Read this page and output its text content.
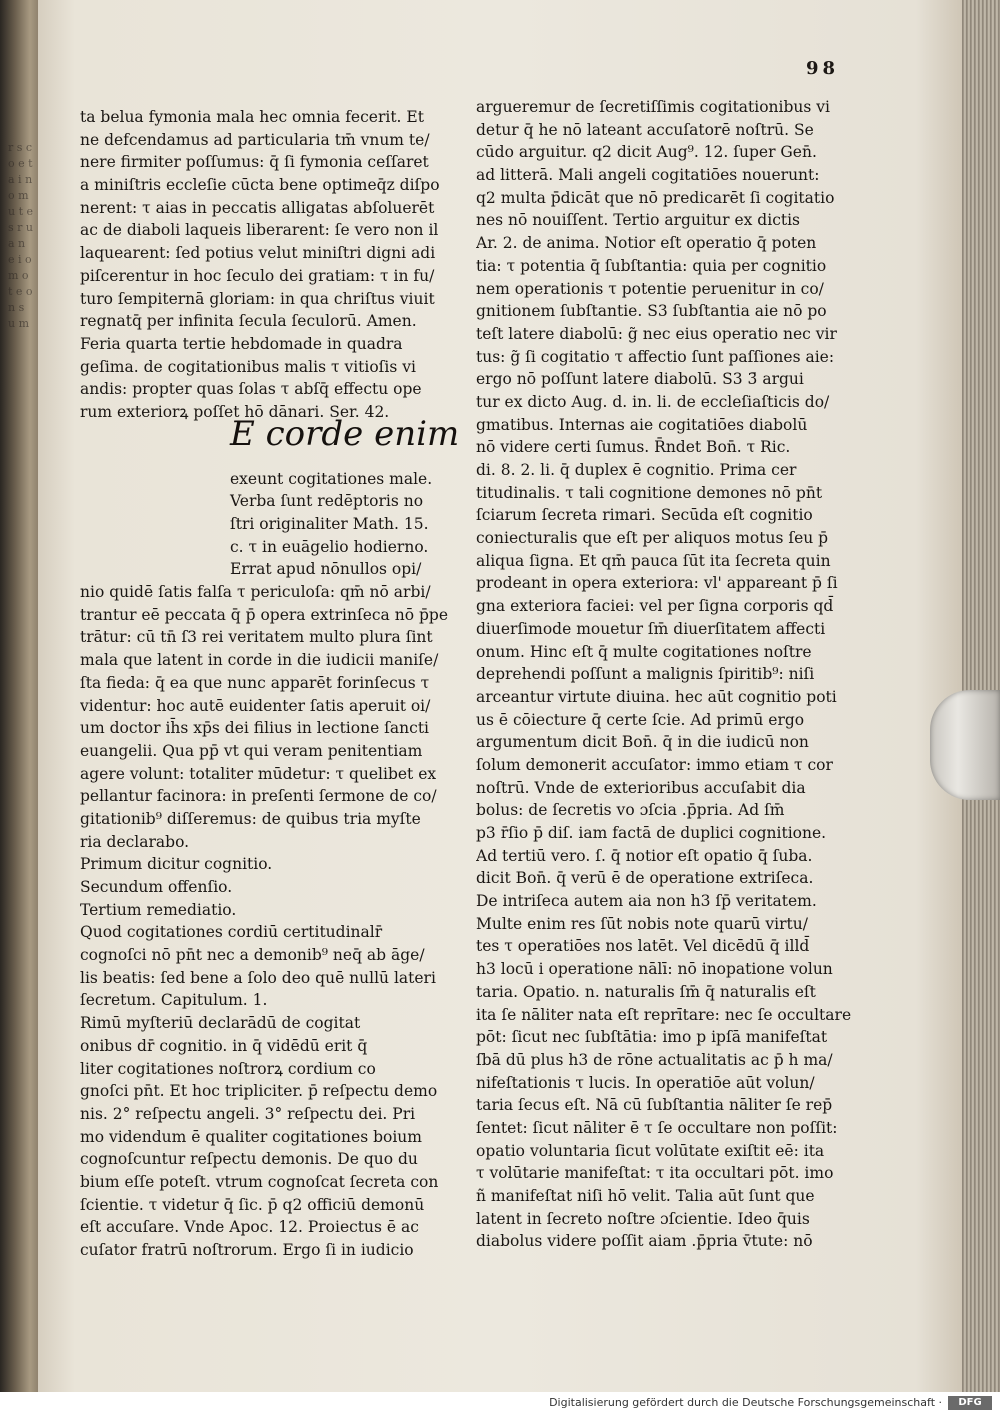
r s c o e t a i n o m u t e s r u a n e i o m o t e o n s u m
98
ta belua fymonia mala hec omnia fecerit. Et
ne defcendamus ad particularia tm̄ vnum te/
nere firmiter poſſumus: q̄ ſi fymonia ceſſaret
a miniſtris eccleſie cūcta bene optimeq̄z diſpo
nerent: τ aias in peccatis alligatas abſoluerēt
ac de diaboli laqueis liberarent: ſe vero non il
laquearent: ſed potius velut miniſtri digni adi
piſcerentur in hoc ſeculo dei gratiam: τ in fu/
turo ſempiternā gloriam: in qua chriſtus viuit
regnatq̄ per infinita ſecula ſeculorū. Amen.
Feria quarta tertie hebdomade in quadra
geſima. de cogitationibus malis τ vitioſis vi
andis: propter quas ſolas τ abſq̄ effectu ope
rum exteriorꝝ poſſet hō dānari. Ser. 42.
exeunt cogitationes male.
Verba ſunt redēptoris no
ſtri originaliter Math. 15.
c. τ in euāgelio hodierno.
Errat apud nōnullos opi/
nio quidē ſatis falſa τ periculoſa: qm̄ nō arbi/
trantur eē peccata q̄ p̄ opera extrinſeca nō p̄pe
trātur: cū tn̄ ſ3 rei veritatem multo plura ſint
mala que latent in corde in die iudicii maniſe/
ſta fieda: q̄ ea que nunc apparēt forinſecus τ
videntur: hoc autē euidenter ſatis aperuit oi/
um doctor ih̄s xp̄s dei filius in lectione ſancti
euangelii. Qua pp̄ vt qui veram penitentiam
agere volunt: totaliter mūdetur: τ quelibet ex
pellantur facinora: in preſenti ſermone de co/
gitationib⁹ diſſeremus: de quibus tria myſte
ria declarabo.
Primum dicitur cognitio.
Secundum offenſio.
Tertium remediatio.
Quod cogitationes cordiū certitudinalr̄
cognoſci nō pn̄t nec a demonib⁹ neq̄ ab āge/
lis beatis: ſed bene a ſolo deo quē nullū lateri
ſecretum. Capitulum. 1.
Rimū myſteriū declarādū de cogitat
onibus dr̄ cognitio. in q̄ vidēdū erit q̄
liter cogitationes noſtrorꝝ cordium co
gnoſci pn̄t. Et hoc tripliciter. p̄ reſpectu demo
nis. 2° reſpectu angeli. 3° reſpectu dei. Pri
mo videndum ē qualiter cogitationes boium
cognoſcuntur reſpectu demonis. De quo du
bium eſſe poteſt. vtrum cognoſcat ſecreta con
ſcientie. τ videtur q̄ ſic. p̄ q2 officiū demonū
eſt accuſare. Vnde Apoc. 12. Proiectus ē ac
cuſator fratrū noſtrorum. Ergo ſi in iudicio
E corde enim
argueremur de ſecretiſſimis cogitationibus vi
detur q̄ he nō lateant accuſatorē noſtrū. Se
cūdo arguitur. q2 dicit Aug⁹. 12. ſuper Gen̄.
ad litterā. Mali angeli cogitatiōes nouerunt:
q2 multa p̄dicāt que nō predicarēt ſi cogitatio
nes nō nouiſſent. Tertio arguitur ex dictis
Ar. 2. de anima. Notior eſt operatio q̄ poten
tia: τ potentia q̄ ſubſtantia: quia per cognitio
nem operationis τ potentie peruenitur in co/
gnitionem ſubſtantie. S3 ſubſtantia aie nō po
teſt latere diabolū: g̃ nec eius operatio nec vir
tus: g̃ ſi cogitatio τ affectio ſunt paſſiones aie:
ergo nō poſſunt latere diabolū. S3 3̄ argui
tur ex dicto Aug. d. in. li. de eccleſiaſticis do/
gmatibus. Internas aie cogitatiōes diabolū
nō videre certi ſumus. R̄ndet Bon̄. τ Ric.
di. 8. 2. li. q̄ duplex ē cognitio. Prima cer
titudinalis. τ tali cognitione demones nō pn̄t
ſciarum ſecreta rimari. Secūda eſt cognitio
coniecturalis que eſt per aliquos motus ſeu p̄
aliqua ſigna. Et qm̄ pauca ſūt ita ſecreta quin
prodeant in opera exteriora: vl' appareant p̄ ſi
gna exteriora faciei: vel per ſigna corporis qd̄
diuerſimode mouetur ſm̄ diuerſitatem affecti
onum. Hinc eſt q̄ multe cogitationes noſtre
deprehendi poſſunt a malignis ſpiritib⁹: niſi
arceantur virtute diuina. hec aūt cognitio poti
us ē cōiecture q̄ certe ſcie. Ad primū ergo
argumentum dicit Bon̄. q̄ in die iudicū non
ſolum demonerit accuſator: immo etiam τ cor
noſtrū. Vnde de exterioribus accuſabit dia
bolus: de ſecretis vo ɔſcia .p̄pria. Ad ſm̄
p3 r̄ſio p̄ diſ. iam factā de duplici cognitione.
Ad tertiū vero. ſ. q̄ notior eſt opatio q̄ ſuba.
dicit Bon̄. q̄ verū ē de operatione extriſeca.
De intriſeca autem aia non h3 ſp̄ veritatem.
Multe enim res ſūt nobis note quarū virtu/
tes τ operatiōes nos latēt. Vel dicēdū q̄ illd̄
h3 locū i operatione nālī: nō inopatione volun
taria. Opatio. n. naturalis ſm̄ q̄ naturalis eſt
ita ſe nāliter nata eſt reprītare: nec ſe occultare
pōt: ſicut nec ſubſtātia: imo p ipſā manifeſtat
ſbā dū plus h3 de rōne actualitatis ac p̄ h ma/
nifeſtationis τ lucis. In operatiōe aūt volun/
taria ſecus eſt. Nā cū ſubſtantia nāliter ſe rep̄
ſentet: ſicut nāliter ē τ ſe occultare non poſſit:
opatio voluntaria ſicut volūtate exiſtit eē: ita
τ volūtarie manifeſtat: τ ita occultari pōt. imo
ñ manifeſtat niſi hō velit. Talia aūt ſunt que
latent in ſecreto noſtre ɔſcientie. Ideo q̄uis
diabolus videre poſſit aiam .p̄pria v̄tute: nō
Digitalisierung gefördert durch die Deutsche Forschungsgemeinschaft ·	DFG
